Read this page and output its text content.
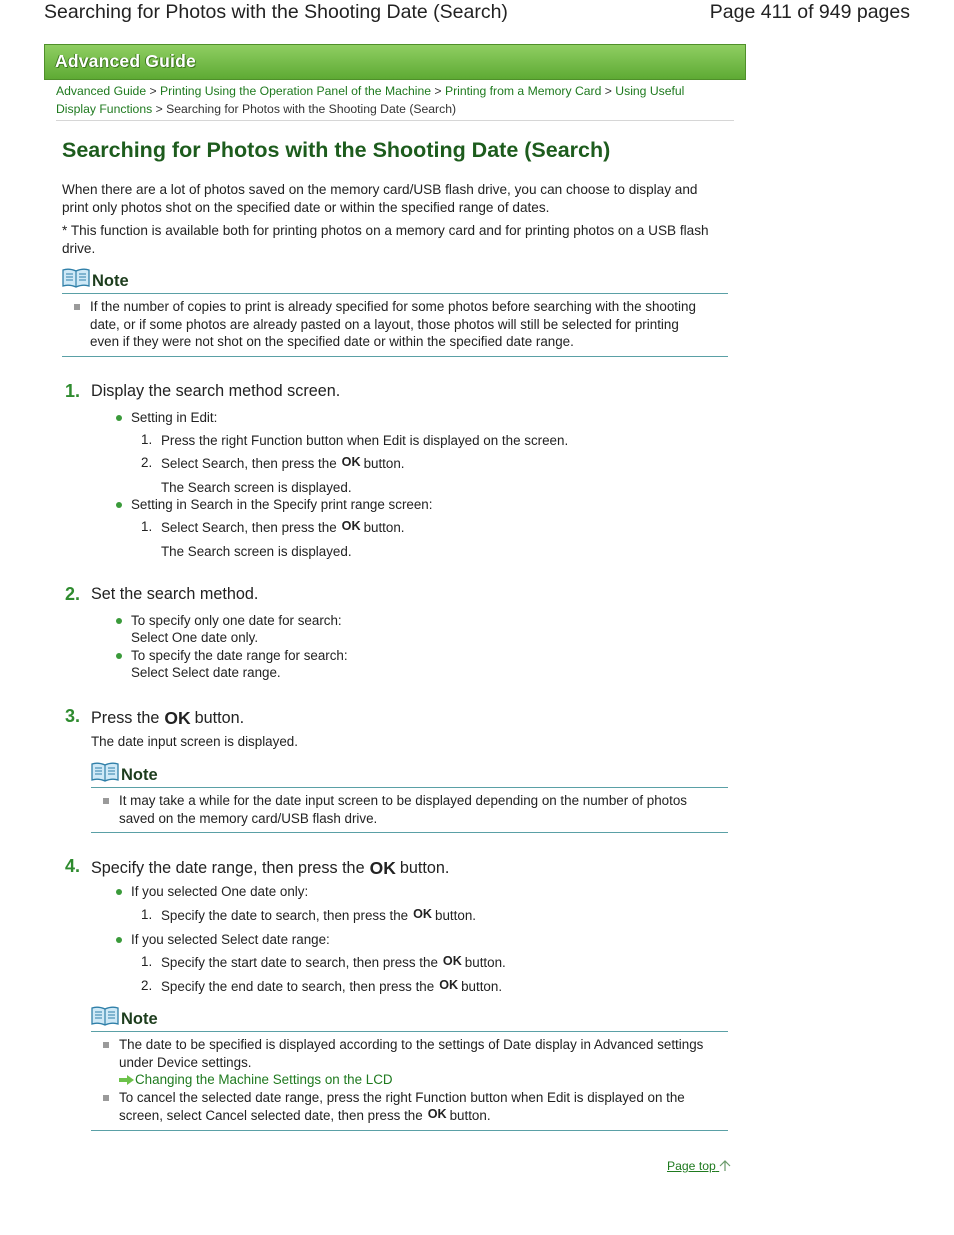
Searching for Photos with the Shooting Date (Search)	Page 411 of 949 pages
Advanced Guide
Advanced Guide > Printing Using the Operation Panel of the Machine > Printing from a Memory Card > Using Useful Display Functions > Searching for Photos with the Shooting Date (Search)
Searching for Photos with the Shooting Date (Search)
When there are a lot of photos saved on the memory card/USB flash drive, you can choose to display and print only photos shot on the specified date or within the specified range of dates.
* This function is available both for printing photos on a memory card and for printing photos on a USB flash drive.
Note
If the number of copies to print is already specified for some photos before searching with the shooting date, or if some photos are already pasted on a layout, those photos will still be selected for printing even if they were not shot on the specified date or within the specified date range.
1. Display the search method screen.
Setting in Edit:
1. Press the right Function button when Edit is displayed on the screen.
2. Select Search, then press the OK button.
The Search screen is displayed.
Setting in Search in the Specify print range screen:
1. Select Search, then press the OK button.
The Search screen is displayed.
2. Set the search method.
To specify only one date for search:
Select One date only.
To specify the date range for search:
Select Select date range.
3. Press the OK button.
The date input screen is displayed.
Note
It may take a while for the date input screen to be displayed depending on the number of photos saved on the memory card/USB flash drive.
4. Specify the date range, then press the OK button.
If you selected One date only:
1. Specify the date to search, then press the OK button.
If you selected Select date range:
1. Specify the start date to search, then press the OK button.
2. Specify the end date to search, then press the OK button.
Note
The date to be specified is displayed according to the settings of Date display in Advanced settings under Device settings.
Changing the Machine Settings on the LCD
To cancel the selected date range, press the right Function button when Edit is displayed on the screen, select Cancel selected date, then press the OK button.
Page top
